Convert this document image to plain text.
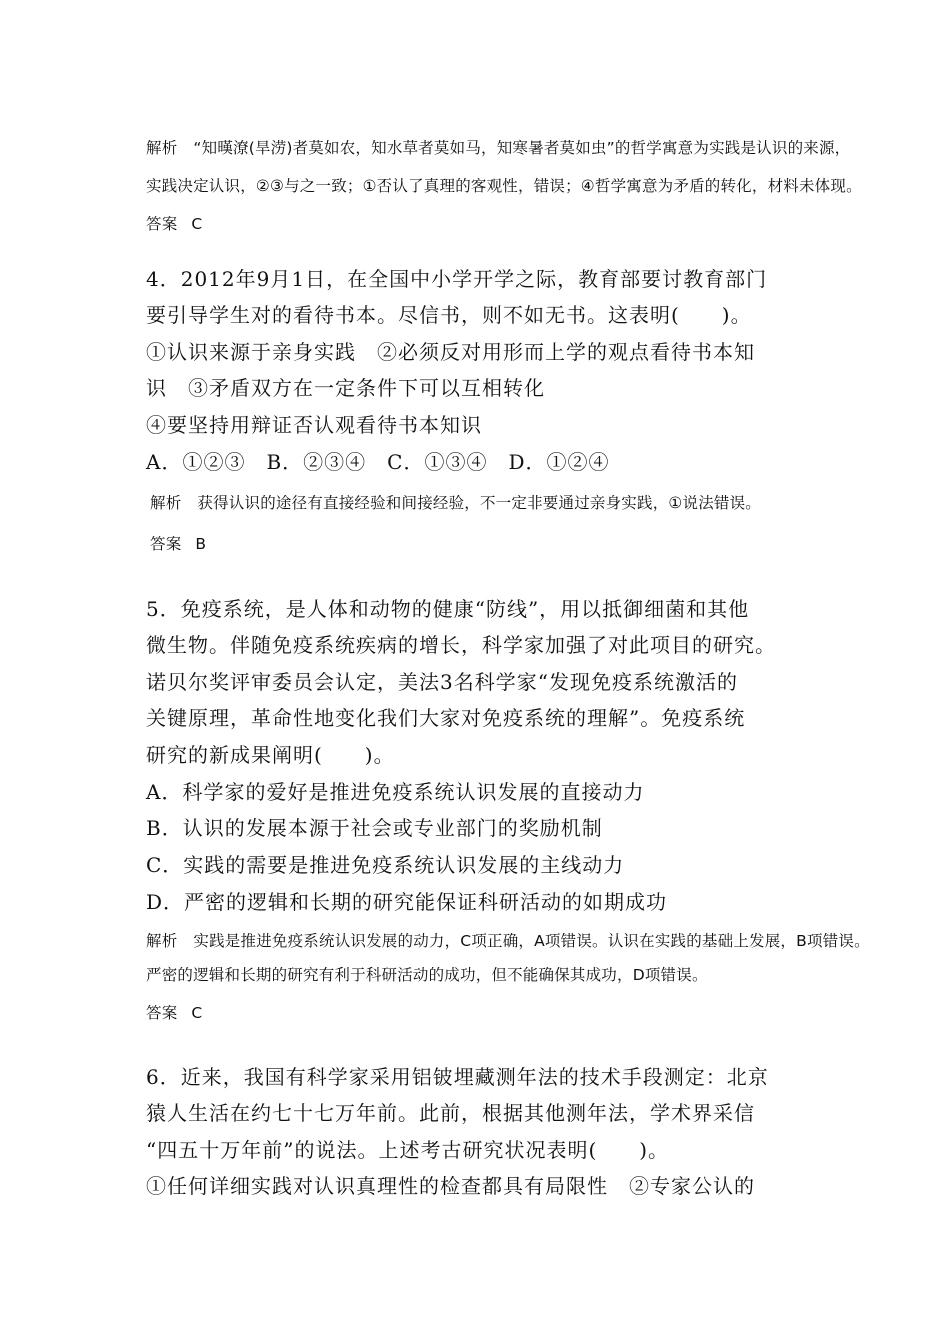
解析 “知暵潦(旱涝)者莫如农，知水草者莫如马，知寒暑者莫如虫”的哲学寓意为实践是认识的来源，
实践决定认识，②③与之一致；①否认了真理的客观性，错误；④哲学寓意为矛盾的转化，材料未体现。
答案 C
4．2012年9月1日，在全国中小学开学之际，教育部要讨教育部门
要引导学生对的看待书本。尽信书，则不如无书。这表明(　　)。
①认识来源于亲身实践　②必须反对用形而上学的观点看待书本知
识　③矛盾双方在一定条件下可以互相转化
④要坚持用辩证否认观看待书本知识
A．①②③　B．②③④　C．①③④　D．①②④
解析 获得认识的途径有直接经验和间接经验，不一定非要通过亲身实践，①说法错误。
答案 B
5．免疫系统，是人体和动物的健康“防线”，用以抵御细菌和其他
微生物。伴随免疫系统疾病的增长，科学家加强了对此项目的研究。
诺贝尔奖评审委员会认定，美法3名科学家“发现免疫系统激活的
关键原理，革命性地变化我们大家对免疫系统的理解”。免疫系统
研究的新成果阐明(　　)。
A．科学家的爱好是推进免疫系统认识发展的直接动力
B．认识的发展本源于社会或专业部门的奖励机制
C．实践的需要是推进免疫系统认识发展的主线动力
D．严密的逻辑和长期的研究能保证科研活动的如期成功
解析 实践是推进免疫系统认识发展的动力，C项正确，A项错误。认识在实践的基础上发展，B项错误。
严密的逻辑和长期的研究有利于科研活动的成功，但不能确保其成功，D项错误。
答案 C
6．近来，我国有科学家采用铝铍埋藏测年法的技术手段测定：北京
猿人生活在约七十七万年前。此前，根据其他测年法，学术界采信
“四五十万年前”的说法。上述考古研究状况表明(　　)。
①任何详细实践对认识真理性的检查都具有局限性　②专家公认的
